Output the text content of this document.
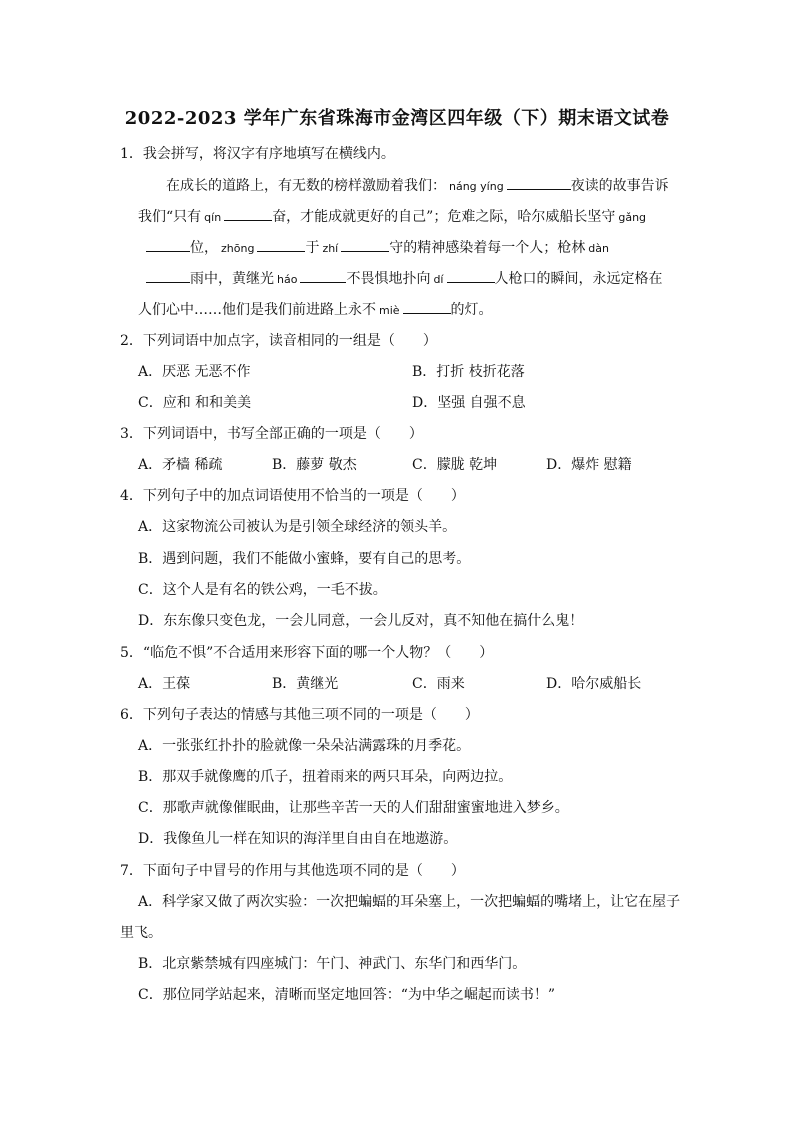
2022-2023 学年广东省珠海市金湾区四年级（下）期末语文试卷
1．我会拼写，将汉字有序地填写在横线内。
在成长的道路上，有无数的榜样激励着我们： náng yíng	夜读的故事告诉
我们“只有 qín	奋，才能成就更好的自己”；危难之际，哈尔威船长坚守 gǎng
位， zhōng	于 zhí	守的精神感染着每一个人；枪林 dàn
雨中，黄继光 háo	不畏惧地扑向 dí	人枪口的瞬间，永远定格在
人们心中……他们是我们前进路上永不 miè	的灯。
2．下列词语中加点字，读音相同的一组是（　　）
A．厌恶 无恶不作	B．打折 枝折花落
C．应和 和和美美	D．坚强 自强不息
3．下列词语中，书写全部正确的一项是（　　）
A．矛樯 稀疏	B．藤萝 敬杰	C．朦胧 乾坤	D．爆炸 慰籍
4．下列句子中的加点词语使用不恰当的一项是（　　）
A．这家物流公司被认为是引领全球经济的领头羊。
B．遇到问题，我们不能做小蜜蜂，要有自己的思考。
C．这个人是有名的铁公鸡，一毛不拔。
D．东东像只变色龙，一会儿同意，一会儿反对，真不知他在搞什么鬼！
5．“临危不惧”不合适用来形容下面的哪一个人物？（　　）
A．王葆	B．黄继光	C．雨来	D．哈尔威船长
6．下列句子表达的情感与其他三项不同的一项是（　　）
A．一张张红扑扑的脸就像一朵朵沾满露珠的月季花。
B．那双手就像鹰的爪子，扭着雨来的两只耳朵，向两边拉。
C．那歌声就像催眠曲，让那些辛苦一天的人们甜甜蜜蜜地进入梦乡。
D．我像鱼儿一样在知识的海洋里自由自在地遨游。
7．下面句子中冒号的作用与其他选项不同的是（　　）
A．科学家又做了两次实验：一次把蝙蝠的耳朵塞上，一次把蝙蝠的嘴堵上，让它在屋子
里飞。
B．北京紫禁城有四座城门：午门、神武门、东华门和西华门。
C．那位同学站起来，清晰而坚定地回答：“为中华之崛起而读书！”
